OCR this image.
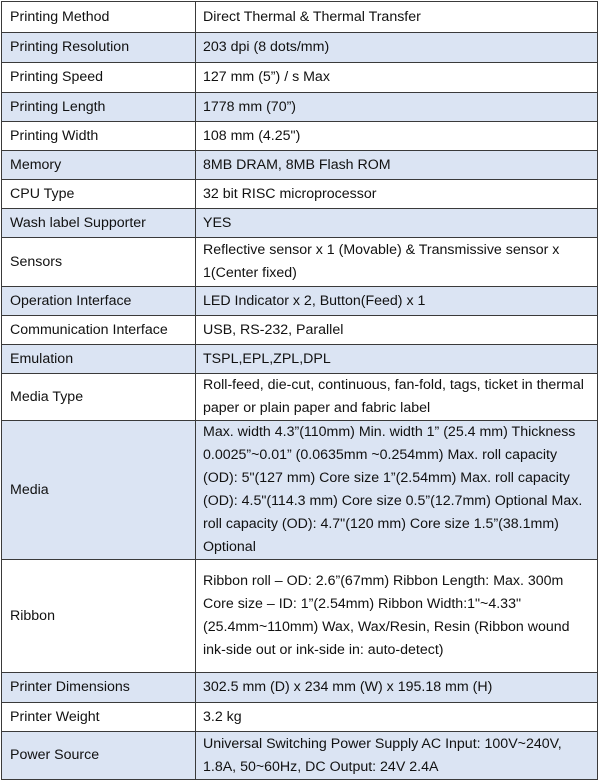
Printing Method	Direct Thermal & Thermal Transfer
Printing Resolution	203 dpi (8 dots/mm)
Printing Speed	127 mm (5”) / s Max
Printing Length	1778 mm (70”)
Printing Width	108 mm (4.25")
Memory	8MB DRAM, 8MB Flash ROM
CPU Type	32 bit RISC microprocessor
Wash label Supporter	YES
Sensors	Reflective sensor x 1 (Movable) & Transmissive sensor x 1(Center fixed)
Operation Interface	LED Indicator x 2, Button(Feed) x 1
Communication Interface	USB, RS-232, Parallel
Emulation	TSPL,EPL,ZPL,DPL
Media Type	Roll-feed, die-cut, continuous, fan-fold, tags, ticket in thermal paper or plain paper and fabric label
Media	Max. width 4.3”(110mm) Min. width 1” (25.4 mm) Thickness 0.0025”~0.01” (0.0635mm ~0.254mm) Max. roll capacity (OD): 5"(127 mm) Core size 1”(2.54mm) Max. roll capacity (OD): 4.5"(114.3 mm) Core size 0.5”(12.7mm) Optional Max. roll capacity (OD): 4.7"(120 mm) Core size 1.5”(38.1mm) Optional
Ribbon	Ribbon roll – OD: 2.6”(67mm) Ribbon Length: Max. 300m Core size – ID: 1”(2.54mm) Ribbon Width:1"~4.33"(25.4mm~110mm) Wax, Wax/Resin, Resin (Ribbon wound ink-side out or ink-side in: auto-detect)
Printer Dimensions	302.5 mm (D) x 234 mm (W) x 195.18 mm (H)
Printer Weight	3.2 kg
Power Source	Universal Switching Power Supply AC Input: 100V~240V, 1.8A, 50~60Hz, DC Output: 24V 2.4A
